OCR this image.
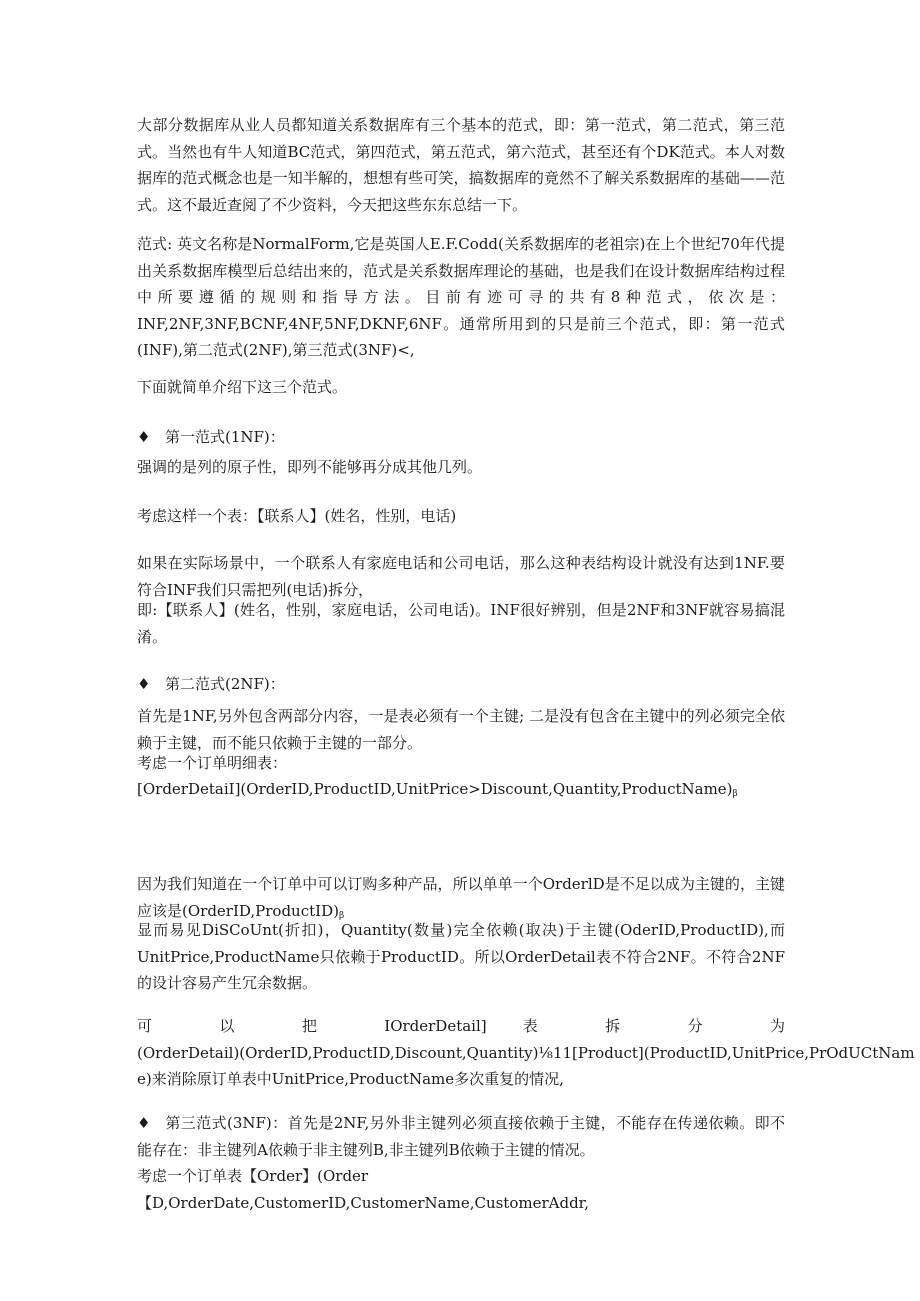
大部分数据库从业人员都知道关系数据库有三个基本的范式，即：第一范式，第二范式，第三范式。当然也有牛人知道BC范式，第四范式，第五范式，第六范式，甚至还有个DK范式。本人对数据库的范式概念也是一知半解的，想想有些可笑，搞数据库的竟然不了解关系数据库的基础——范式。这不最近查阅了不少资料，今天把这些东东总结一下。

范式: 英文名称是NormalForm,它是英国人E.F.Codd(关系数据库的老祖宗)在上个世纪70年代提出关系数据库模型后总结出来的，范式是关系数据库理论的基础，也是我们在设计数据库结构过程中所要遵循的规则和指导方法。目前有迹可寻的共有8种范式，依次是：INF,2NF,3NF,BCNF,4NF,5NF,DKNF,6NF。通常所用到的只是前三个范式，即：第一范式(INF),第二范式(2NF),第三范式(3NF)<,

下面就简单介绍下这三个范式。

♦ 第一范式(1NF)：

强调的是列的原子性，即列不能够再分成其他几列。

考虑这样一个表：【联系人】(姓名，性别，电话)

如果在实际场景中，一个联系人有家庭电话和公司电话，那么这种表结构设计就没有达到1NF.要符合INF我们只需把列(电话)拆分，

即:【联系人】(姓名，性别，家庭电话，公司电话)。INF很好辨别，但是2NF和3NF就容易搞混淆。

♦ 第二范式(2NF)：

首先是1NF,另外包含两部分内容，一是表必须有一个主键; 二是没有包含在主键中的列必须完全依赖于主键，而不能只依赖于主键的一部分。

考虑一个订单明细表：

$[OrderDetaiI](OrderID,ProductID,UnitPrice>Discount,Quantity,ProductName)_\beta$

因为我们知道在一个订单中可以订购多种产品，所以单单一个OrderlD是不足以成为主键的，主键应该是$(OrderID,ProductID)_\beta$

显而易见DiSCoUnt(折扣)，Quantity(数量)完全依赖(取决)于主键(OderID,ProductID),而UnitPrice,ProductName只依赖于ProductID。所以OrderDetail表不符合2NF。不符合2NF的设计容易产生冗余数据。

可 以 把 IOrderDetail] 表 拆 分 为
(OrderDetail)(OrderID,ProductID,Discount,Quantity)⅛11[Product](ProductID,UnitPrice,PrOdUCtNam
e)来消除原订单表中UnitPrice,ProductName多次重复的情况,

♦ 第三范式(3NF)：首先是2NF,另外非主键列必须直接依赖于主键，不能存在传递依赖。即不能存在：非主键列A依赖于非主键列B,非主键列B依赖于主键的情况。

考虑一个订单表【Order】(Order【D,OrderDate,CustomerID,CustomerName,CustomerAddr,
